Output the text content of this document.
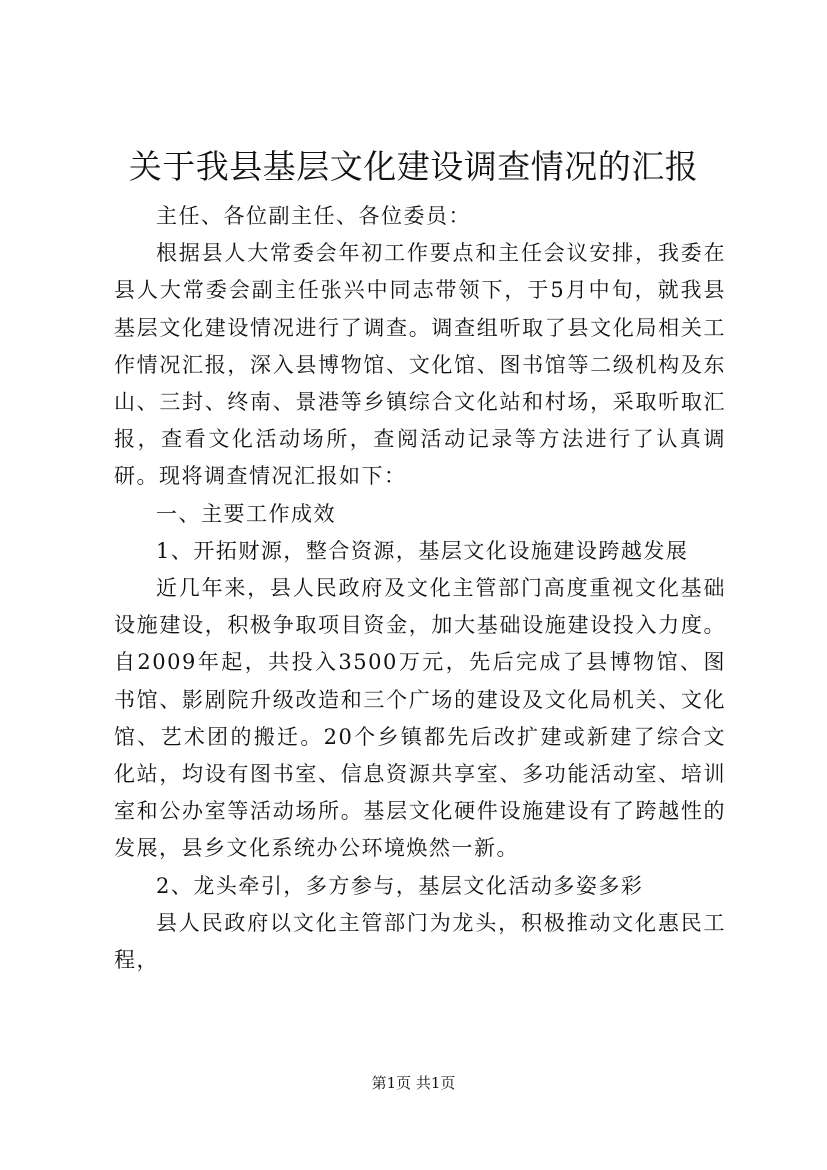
关于我县基层文化建设调查情况的汇报

主任、各位副主任、各位委员：

根据县人大常委会年初工作要点和主任会议安排，我委在县人大常委会副主任张兴中同志带领下，于5月中旬，就我县基层文化建设情况进行了调查。调查组听取了县文化局相关工作情况汇报，深入县博物馆、文化馆、图书馆等二级机构及东山、三封、终南、景港等乡镇综合文化站和村场，采取听取汇报，查看文化活动场所，查阅活动记录等方法进行了认真调研。现将调查情况汇报如下：

一、主要工作成效

1、开拓财源，整合资源，基层文化设施建设跨越发展

近几年来，县人民政府及文化主管部门高度重视文化基础设施建设，积极争取项目资金，加大基础设施建设投入力度。自2009年起，共投入3500万元，先后完成了县博物馆、图书馆、影剧院升级改造和三个广场的建设及文化局机关、文化馆、艺术团的搬迁。20个乡镇都先后改扩建或新建了综合文化站，均设有图书室、信息资源共享室、多功能活动室、培训室和公办室等活动场所。基层文化硬件设施建设有了跨越性的发展，县乡文化系统办公环境焕然一新。

2、龙头牵引，多方参与，基层文化活动多姿多彩

县人民政府以文化主管部门为龙头，积极推动文化惠民工程，

第1页 共1页
